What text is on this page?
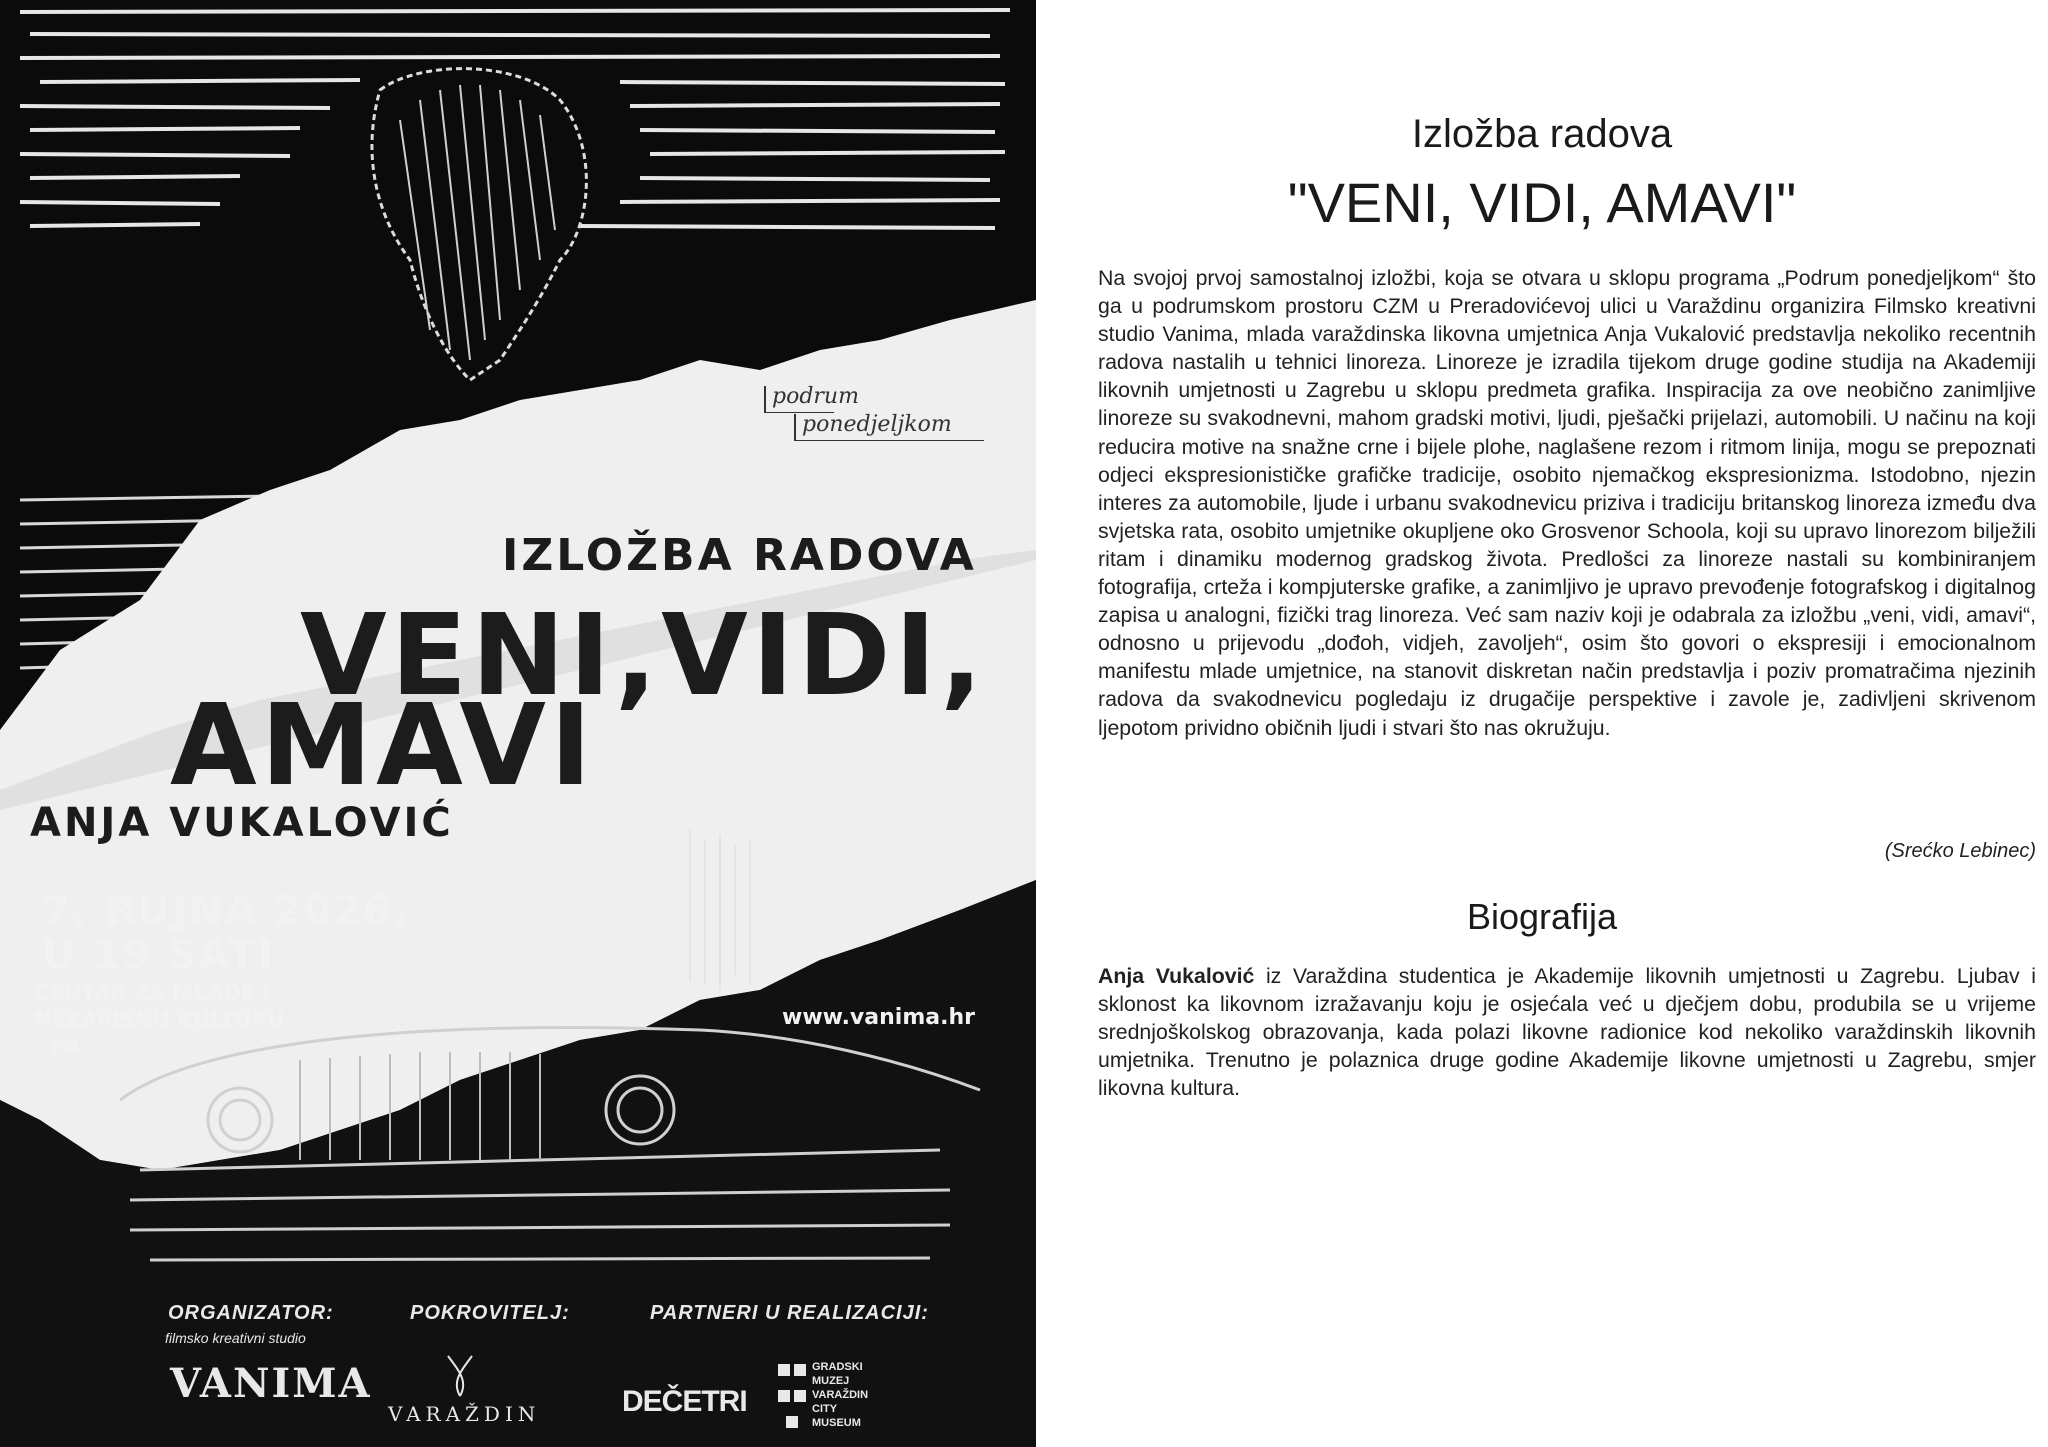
podrum
ponedjeljkom
IZLOŽBA RADOVA
VENI,VIDI,
AMAVI
ANJA VUKALOVIĆ
7. RUJNA 2026.
U 19 SATI
CENTAR ZA MLADE I
NEZAVISNU KULTURU
- P4
www.vanima.hr
ORGANIZATOR:	POKROVITELJ:	PARTNERI U REALIZACIJI:
filmsko kreativni studio
VANIMA
VARAŽDIN	DEČETRI
GRADSKI
MUZEJ
VARAŽDIN
CITY
MUSEUM
Izložba radova
"VENI, VIDI, AMAVI"

Na svojoj prvoj samostalnoj izložbi, koja se otvara u sklopu programa „Podrum ponedjeljkom“ što ga u podrumskom prostoru CZM u Preradovićevoj ulici u Varaždinu organizira Filmsko kreativni studio Vanima, mlada varaždinska likovna umjetnica Anja Vukalović predstavlja nekoliko recentnih radova nastalih u tehnici linoreza. Linoreze je izradila tijekom druge godine studija na Akademiji likovnih umjetnosti u Zagrebu u sklopu predmeta grafika. Inspiracija za ove neobično zanimljive linoreze su svakodnevni, mahom gradski motivi, ljudi, pješački prijelazi, automobili. U načinu na koji reducira motive na snažne crne i bijele plohe, naglašene rezom i ritmom linija, mogu se prepoznati odjeci ekspresionističke grafičke tradicije, osobito njemačkog ekspresionizma. Istodobno, njezin interes za automobile, ljude i urbanu svakodnevicu priziva i tradiciju britanskog linoreza između dva svjetska rata, osobito umjetnike okupljene oko Grosvenor Schoola, koji su upravo linorezom bilježili ritam i dinamiku modernog gradskog života. Predlošci za linoreze nastali su kombiniranjem fotografija, crteža i kompjuterske grafike, a zanimljivo je upravo prevođenje fotografskog i digitalnog zapisa u analogni, fizički trag linoreza. Već sam naziv koji je odabrala za izložbu „veni, vidi, amavi“, odnosno u prijevodu „dođoh, vidjeh, zavoljeh“, osim što govori o ekspresiji i emocionalnom manifestu mlade umjetnice, na stanovit diskretan način predstavlja i poziv promatračima njezinih radova da svakodnevicu pogledaju iz drugačije perspektive i zavole je, zadivljeni skrivenom ljepotom prividno običnih ljudi i stvari što nas okružuju.

(Srećko Lebinec)
Biografija

Anja Vukalović iz Varaždina studentica je Akademije likovnih umjetnosti u Zagrebu. Ljubav i sklonost ka likovnom izražavanju koju je osjećala već u dječjem dobu, produbila se u vrijeme srednjoškolskog obrazovanja, kada polazi likovne radionice kod nekoliko varaždinskih likovnih umjetnika. Trenutno je polaznica druge godine Akademije likovne umjetnosti u Zagrebu, smjer likovna kultura.
